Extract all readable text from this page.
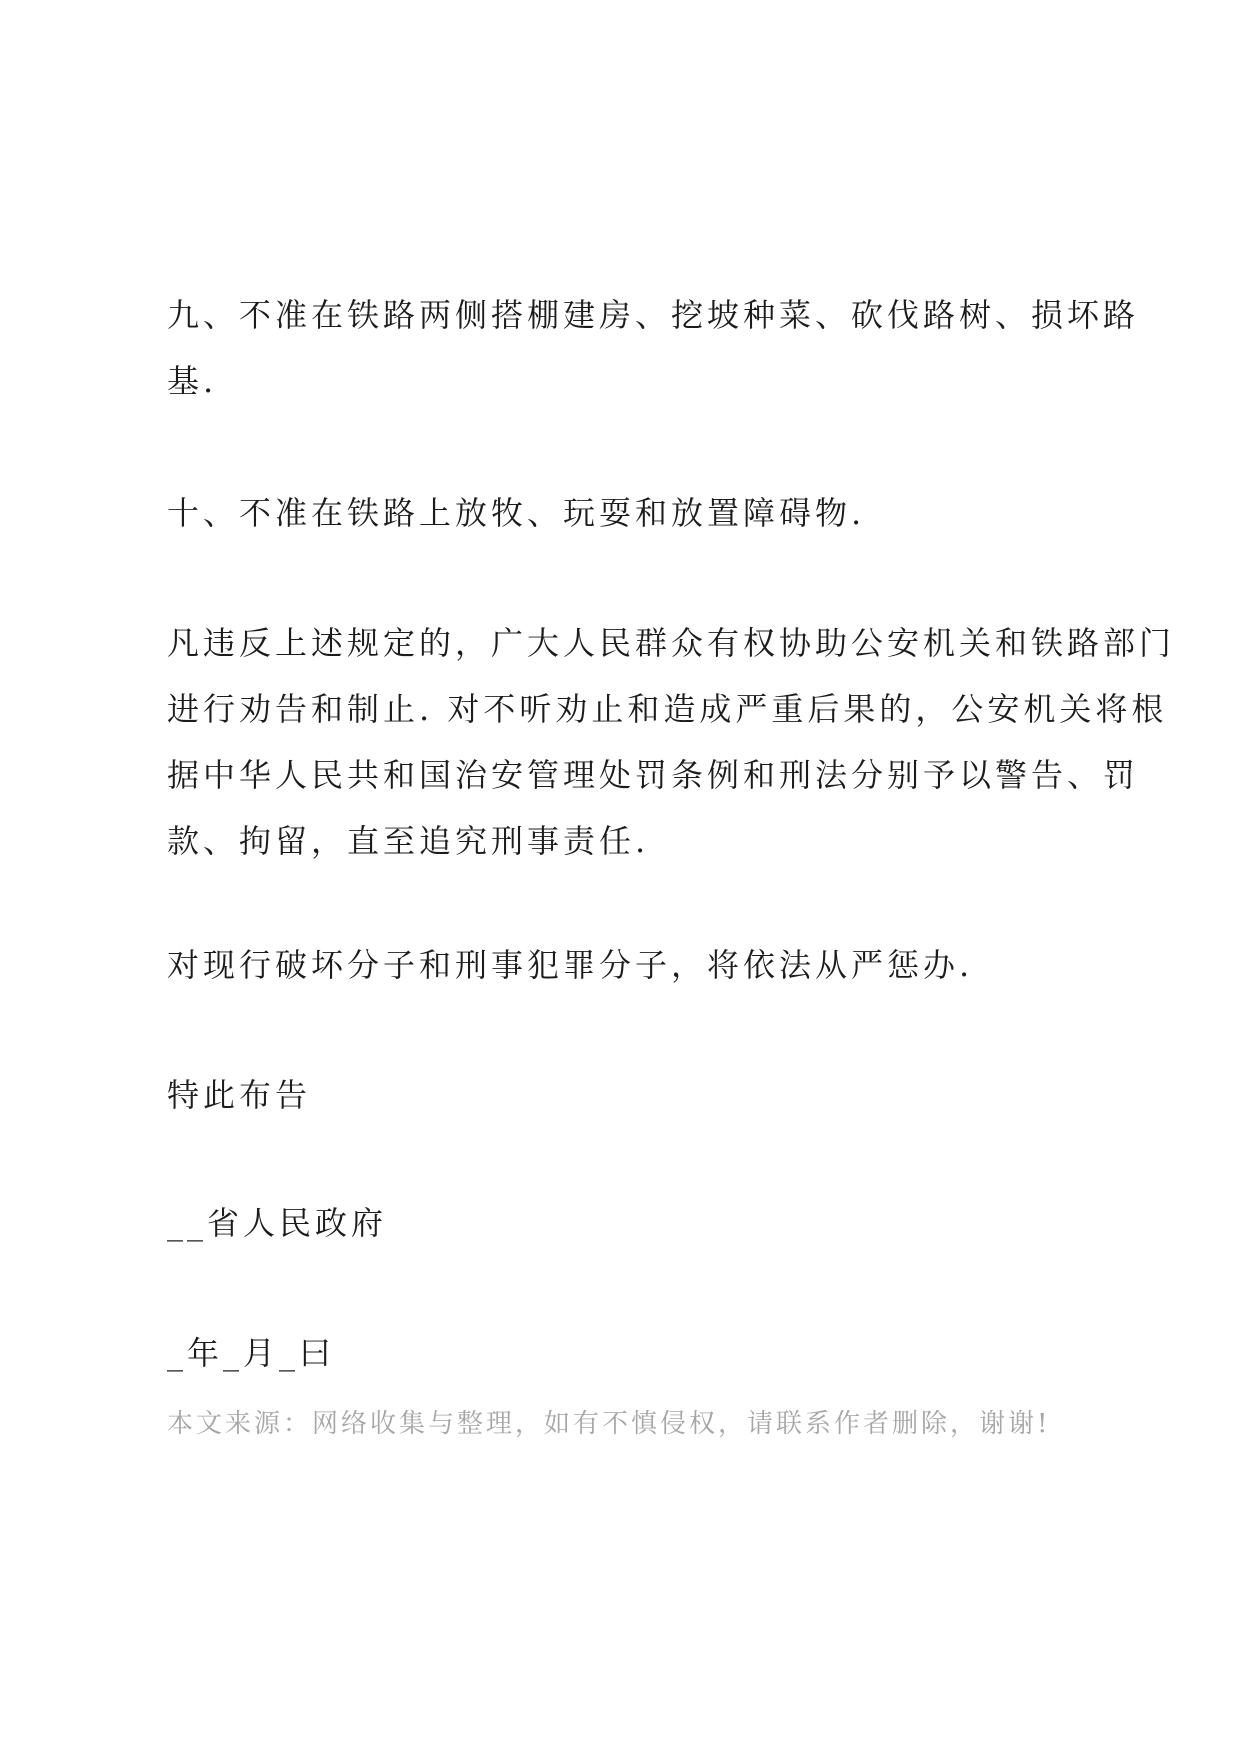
九、不准在铁路两侧搭棚建房、挖坡种菜、砍伐路树、损坏路
基.

十、不准在铁路上放牧、玩耍和放置障碍物.

凡违反上述规定的，广大人民群众有权协助公安机关和铁路部门
进行劝告和制止. 对不听劝止和造成严重后果的，公安机关将根
据中华人民共和国治安管理处罚条例和刑法分别予以警告、罚
款、拘留，直至追究刑事责任.

对现行破坏分子和刑事犯罪分子，将依法从严惩办.

特此布告

__省人民政府

_年_月_曰

本文来源：网络收集与整理，如有不慎侵权，请联系作者删除，谢谢!
